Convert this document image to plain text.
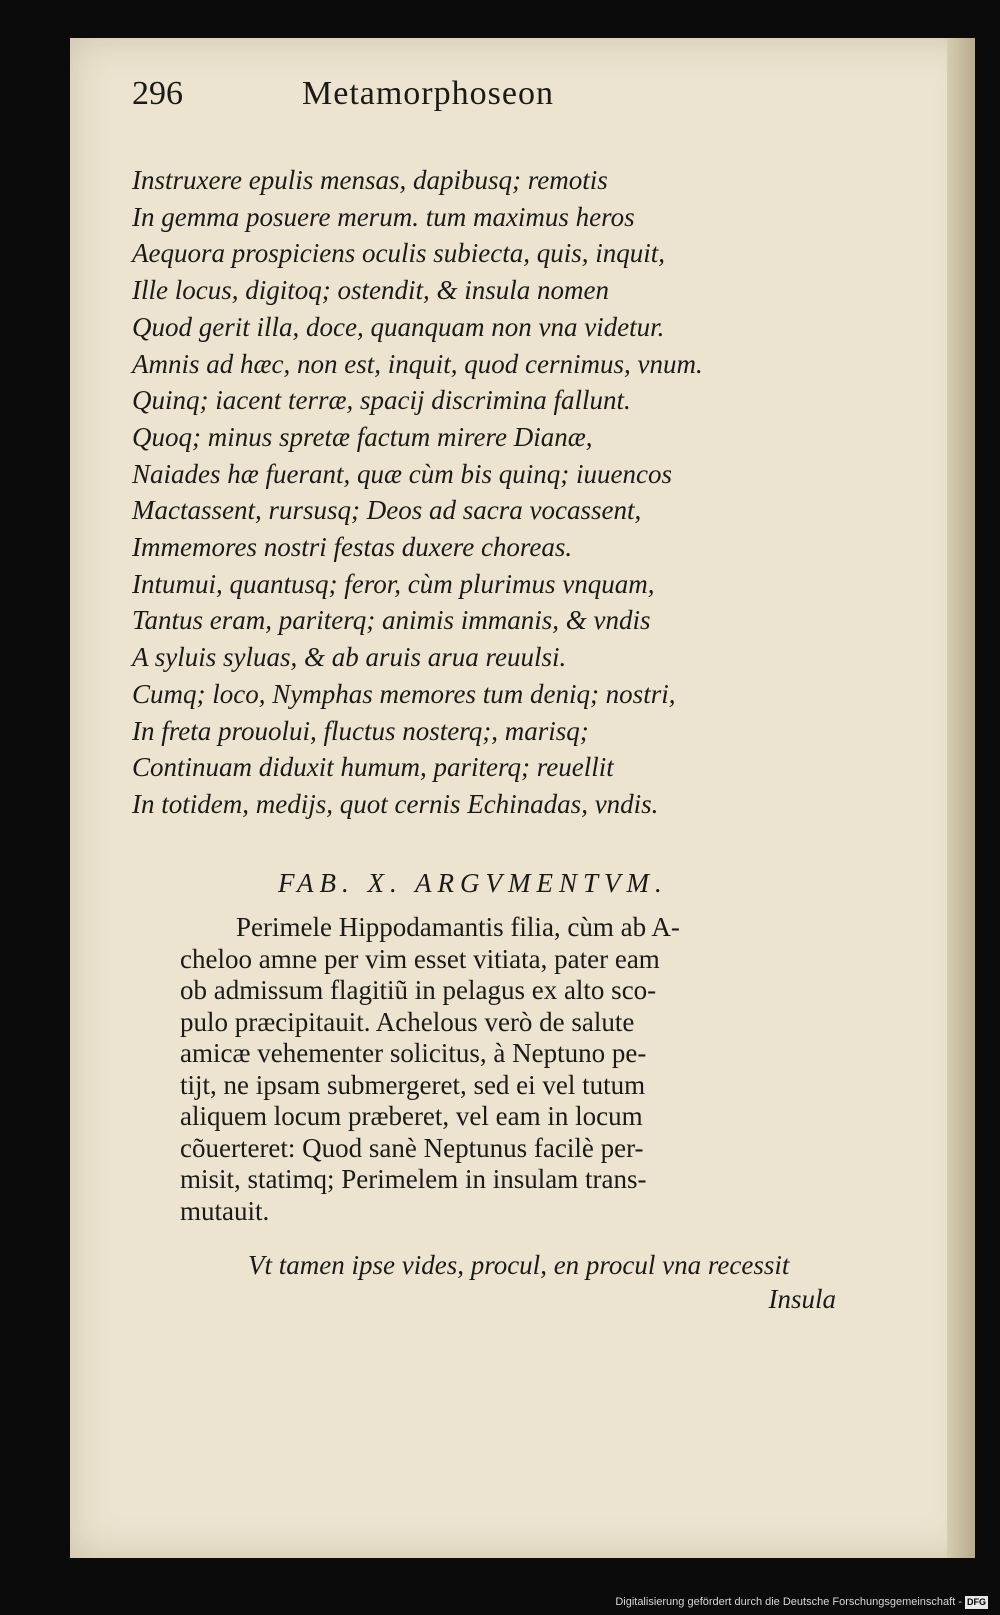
296	Metamorphoseon
Instruxere epulis mensas, dapibusq; remotis
In gemma posuere merum. tum maximus heros
Aequora prospiciens oculis subiecta, quis, inquit,
Ille locus, digitoq; ostendit, & insula nomen
Quod gerit illa, doce, quanquam non vna videtur.
Amnis ad hæc, non est, inquit, quod cernimus, vnum.
Quinq; iacent terræ, spacij discrimina fallunt.
Quoq; minus spretæ factum mirere Dianæ,
Naiades hæ fuerant, quæ cùm bis quinq; iuuencos
Mactassent, rursusq; Deos ad sacra vocassent,
Immemores nostri festas duxere choreas.
Intumui, quantusq; feror, cùm plurimus vnquam,
Tantus eram, pariterq; animis immanis, & vndis
A syluis syluas, & ab aruis arua reuulsi.
Cumq; loco, Nymphas memores tum deniq; nostri,
In freta prouolui, fluctus nosterq;, marisq;
Continuam diduxit humum, pariterq; reuellit
In totidem, medijs, quot cernis Echinadas, vndis.
FAB. X. ARGVMENTVM.
Perimele Hippodamantis filia, cùm ab A-
cheloo amne per vim esset vitiata, pater eam
ob admissum flagitiũ in pelagus ex alto sco-
pulo præcipitauit. Achelous verò de salute
amicæ vehementer solicitus, à Neptuno pe-
tijt, ne ipsam submergeret, sed ei vel tutum
aliquem locum præberet, vel eam in locum
cõuerteret: Quod sanè Neptunus facilè per-
misit, statimq; Perimelem in insulam trans-
mutauit.
Vt tamen ipse vides, procul, en procul vna recessit
Insula
Digitalisierung gefördert durch die Deutsche Forschungsgemeinschaft - DFG
